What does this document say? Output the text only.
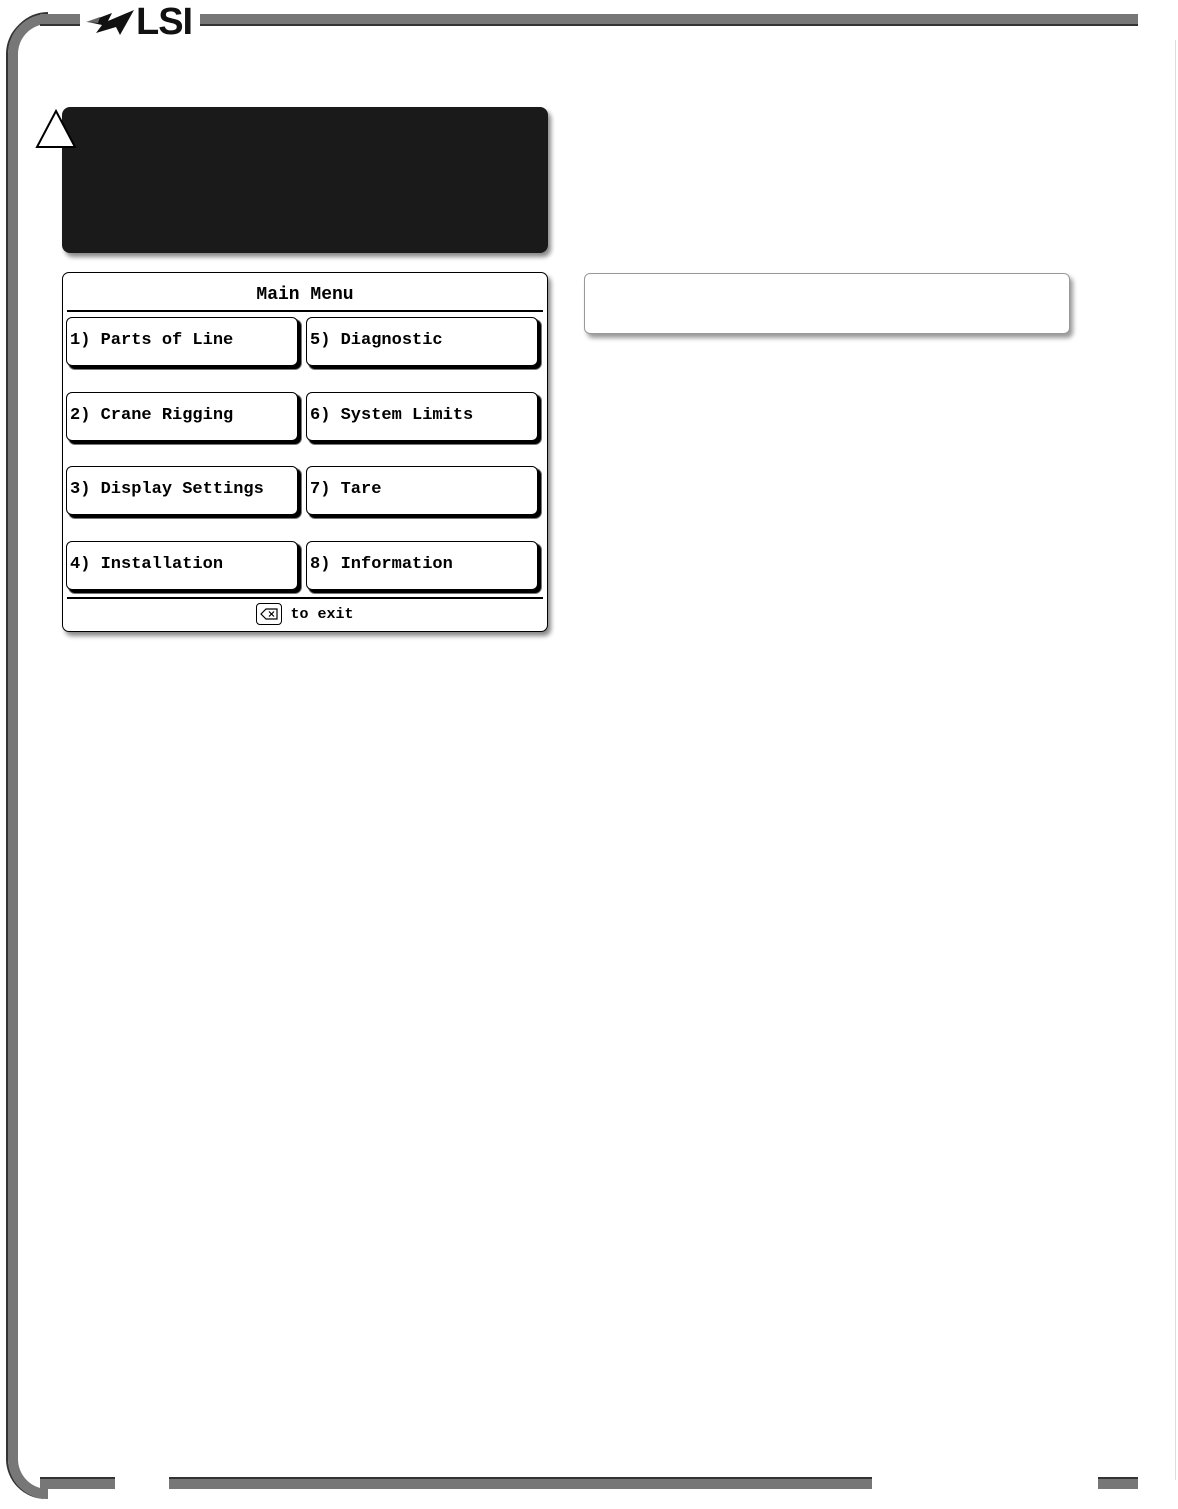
LSI
Main Menu
1) Parts of Line
2) Crane Rigging
3) Display Settings
4) Installation
5) Diagnostic
6) System Limits
7) Tare
8) Information
to exit
